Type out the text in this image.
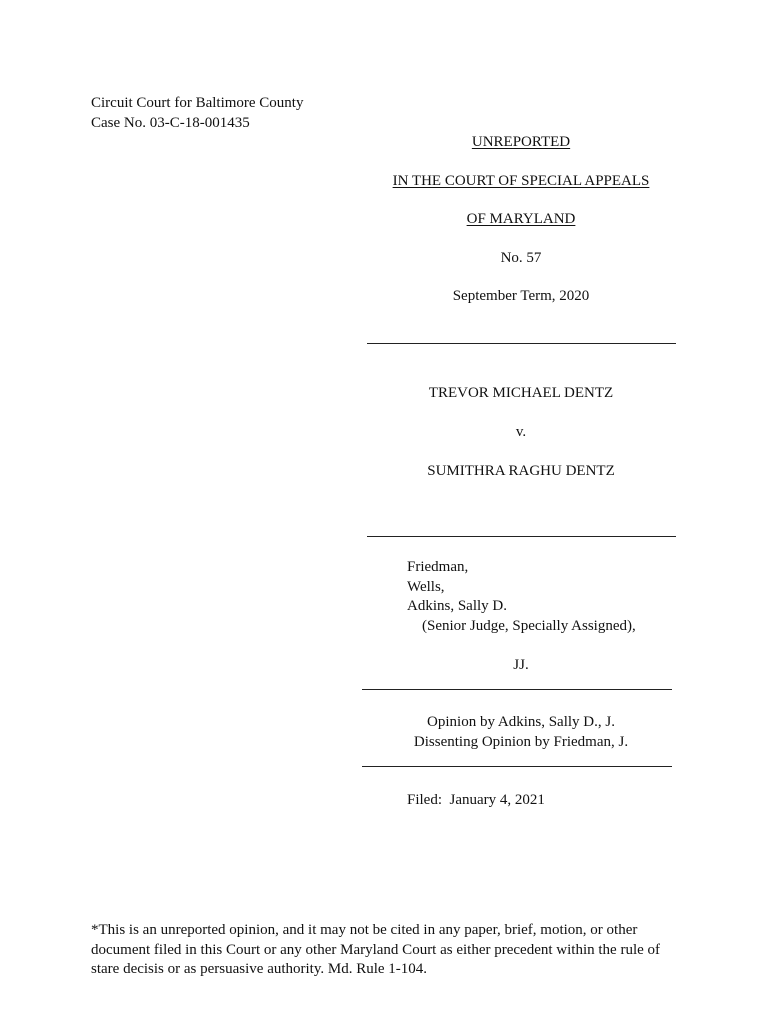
Circuit Court for Baltimore County
Case No. 03-C-18-001435
UNREPORTED
IN THE COURT OF SPECIAL APPEALS
OF MARYLAND
No. 57
September Term, 2020
TREVOR MICHAEL DENTZ
v.
SUMITHRA RAGHU DENTZ
Friedman,
Wells,
Adkins, Sally D.
(Senior Judge, Specially Assigned),
JJ.
Opinion by Adkins, Sally D., J.
Dissenting Opinion by Friedman, J.
Filed:  January 4, 2021
*This is an unreported opinion, and it may not be cited in any paper, brief, motion, or other document filed in this Court or any other Maryland Court as either precedent within the rule of stare decisis or as persuasive authority. Md. Rule 1-104.
